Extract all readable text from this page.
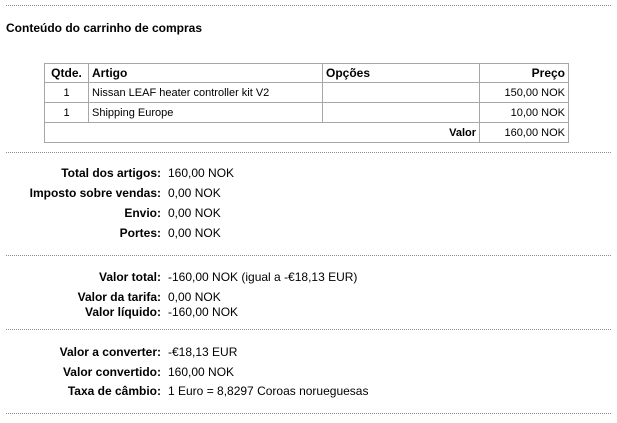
Conteúdo do carrinho de compras
Qtde.	Artigo	Opções	Preço
1	Nissan LEAF heater controller kit V2		150,00 NOK
1	Shipping Europe		10,00 NOK
		Valor	160,00 NOK
Total dos artigos: 160,00 NOK
Imposto sobre vendas: 0,00 NOK
Envio: 0,00 NOK
Portes: 0,00 NOK
Valor total: -160,00 NOK (igual a -€18,13 EUR)
Valor da tarifa: 0,00 NOK
Valor líquido: -160,00 NOK
Valor a converter: -€18,13 EUR
Valor convertido: 160,00 NOK
Taxa de câmbio: 1 Euro = 8,8297 Coroas norueguesas
